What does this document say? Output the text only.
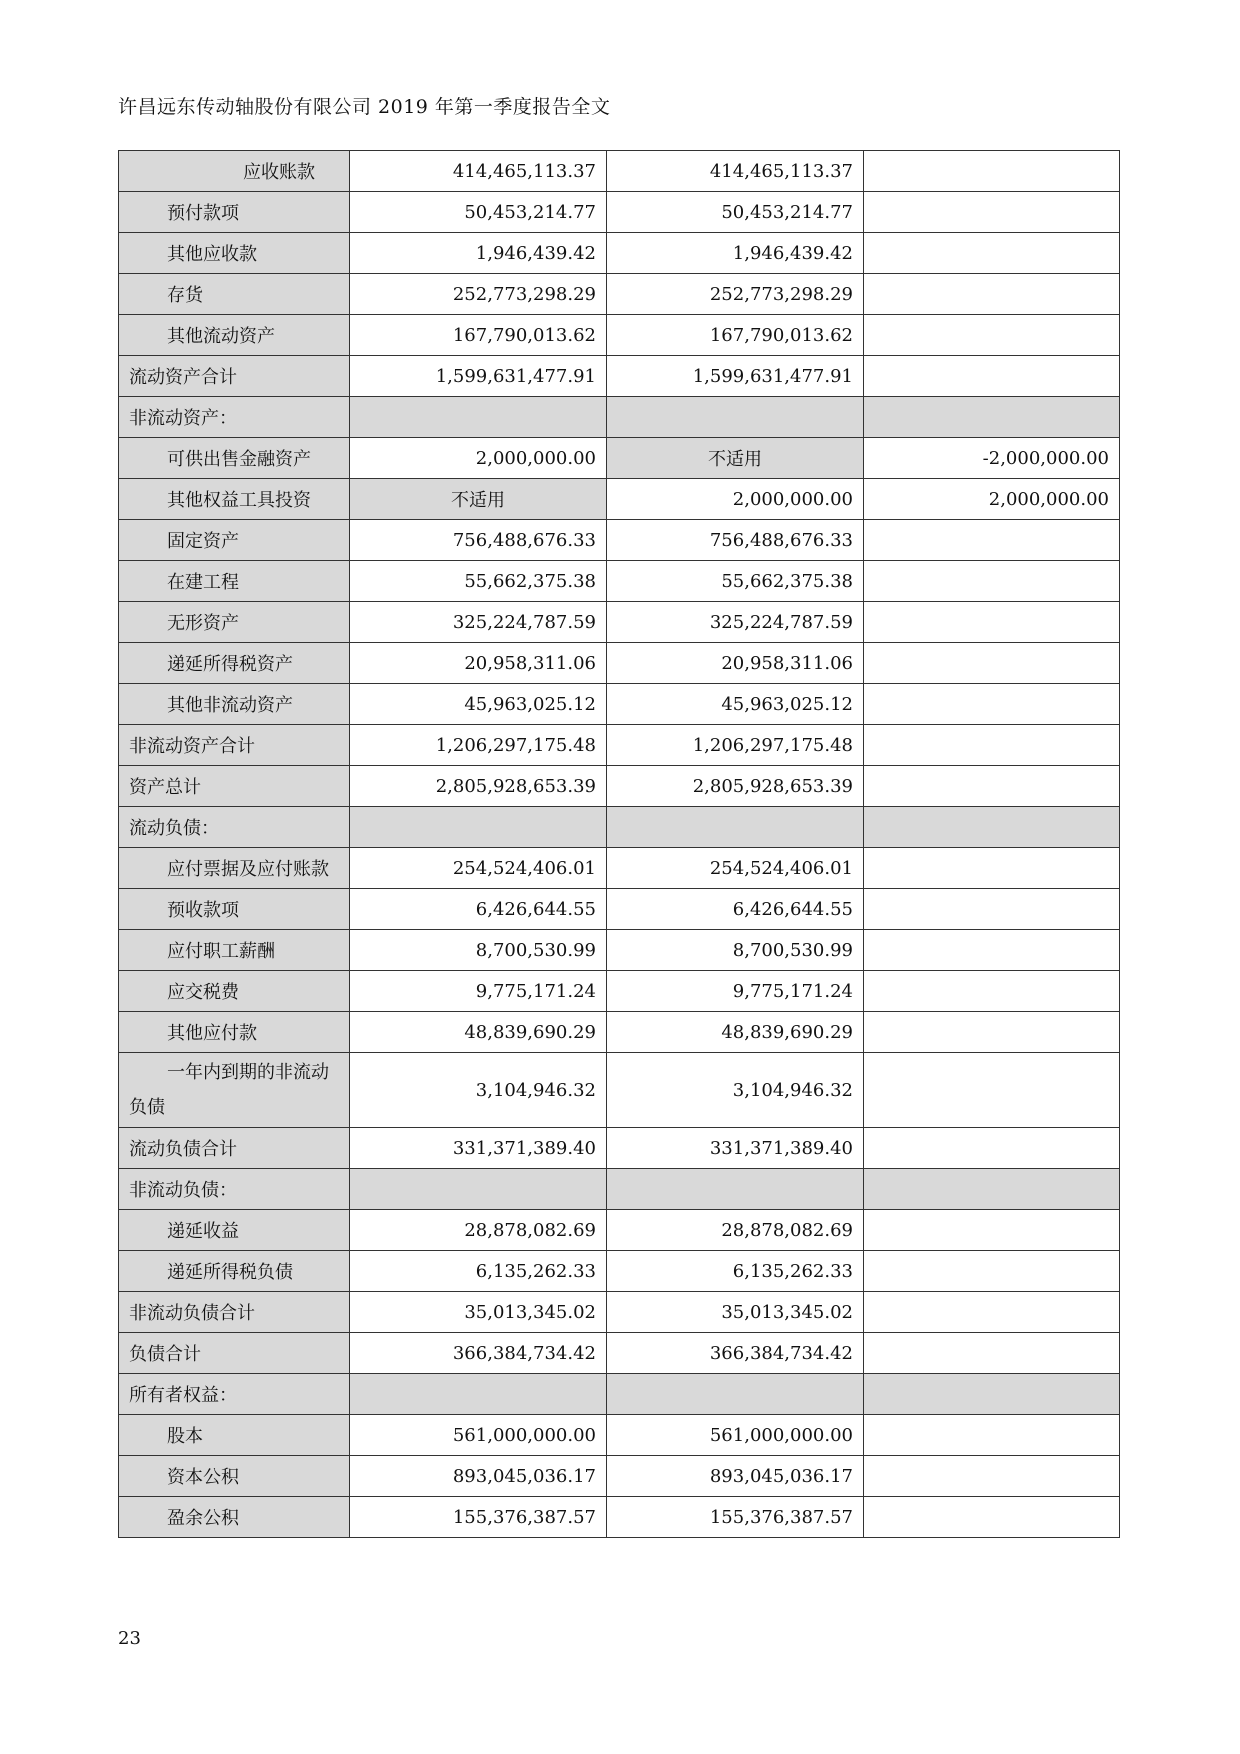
许昌远东传动轴股份有限公司 2019 年第一季度报告全文
应收账款	414,465,113.37	414,465,113.37	
预付款项	50,453,214.77	50,453,214.77	
其他应收款	1,946,439.42	1,946,439.42	
存货	252,773,298.29	252,773,298.29	
其他流动资产	167,790,013.62	167,790,013.62	
流动资产合计	1,599,631,477.91	1,599,631,477.91	
非流动资产：			
可供出售金融资产	2,000,000.00	不适用	-2,000,000.00
其他权益工具投资	不适用	2,000,000.00	2,000,000.00
固定资产	756,488,676.33	756,488,676.33	
在建工程	55,662,375.38	55,662,375.38	
无形资产	325,224,787.59	325,224,787.59	
递延所得税资产	20,958,311.06	20,958,311.06	
其他非流动资产	45,963,025.12	45,963,025.12	
非流动资产合计	1,206,297,175.48	1,206,297,175.48	
资产总计	2,805,928,653.39	2,805,928,653.39	
流动负债：			
应付票据及应付账款	254,524,406.01	254,524,406.01	
预收款项	6,426,644.55	6,426,644.55	
应付职工薪酬	8,700,530.99	8,700,530.99	
应交税费	9,775,171.24	9,775,171.24	
其他应付款	48,839,690.29	48,839,690.29	
一年内到期的非流动负债	3,104,946.32	3,104,946.32	
流动负债合计	331,371,389.40	331,371,389.40	
非流动负债：			
递延收益	28,878,082.69	28,878,082.69	
递延所得税负债	6,135,262.33	6,135,262.33	
非流动负债合计	35,013,345.02	35,013,345.02	
负债合计	366,384,734.42	366,384,734.42	
所有者权益：			
股本	561,000,000.00	561,000,000.00	
资本公积	893,045,036.17	893,045,036.17	
盈余公积	155,376,387.57	155,376,387.57	
23
